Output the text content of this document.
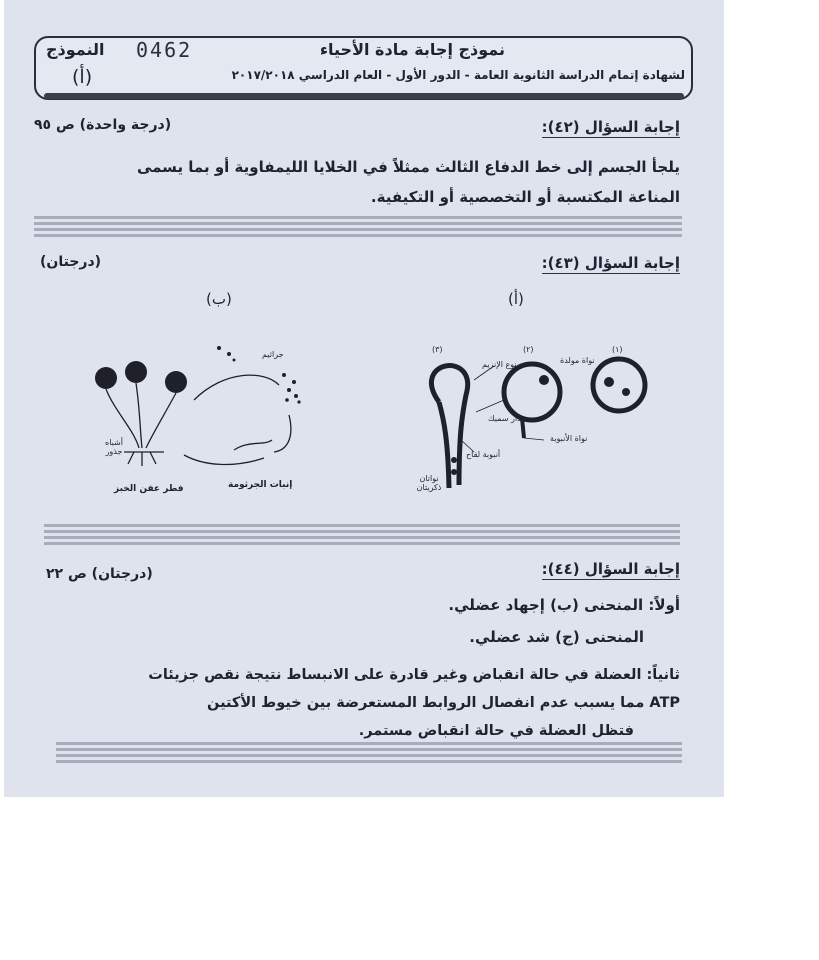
نموذج إجابة مادة الأحياء
لشهادة إتمام الدراسة الثانوية العامة - الدور الأول - العام الدراسي ٢٠١٧/٢٠١٨
0462
النموذج
(أ)
إجابة السؤال (٤٢):
(درجة واحدة) ص ٩٥
يلجأ الجسم إلى خط الدفاع الثالث ممثلاً في الخلايا الليمفاوية أو بما يسمى
المناعة المكتسبة أو التخصصية أو التكيفية.
إجابة السؤال (٤٣):
(درجتان)
(أ)
(ب)
(٣)	(٢)	(١)
نواة مولدة
منوع الإنزيم
جدار سميك
نواة الأنبوبة
أنبوبة لقاح
نواتان ذكريتان
جراثيم
أشباه جذور
إنبات الجرثومة
فطر عفن الخبز
إجابة السؤال (٤٤):
(درجتان) ص ٢٢
أولاً: المنحنى (ب) إجهاد عضلي.
المنحنى (ج) شد عضلي.
ثانياً: العضلة في حالة انقباض وغير قادرة على الانبساط نتيجة نقص جزيئات
ATP مما يسبب عدم انفصال الروابط المستعرضة بين خيوط الأكتين
فتظل العضلة في حالة انقباض مستمر.
